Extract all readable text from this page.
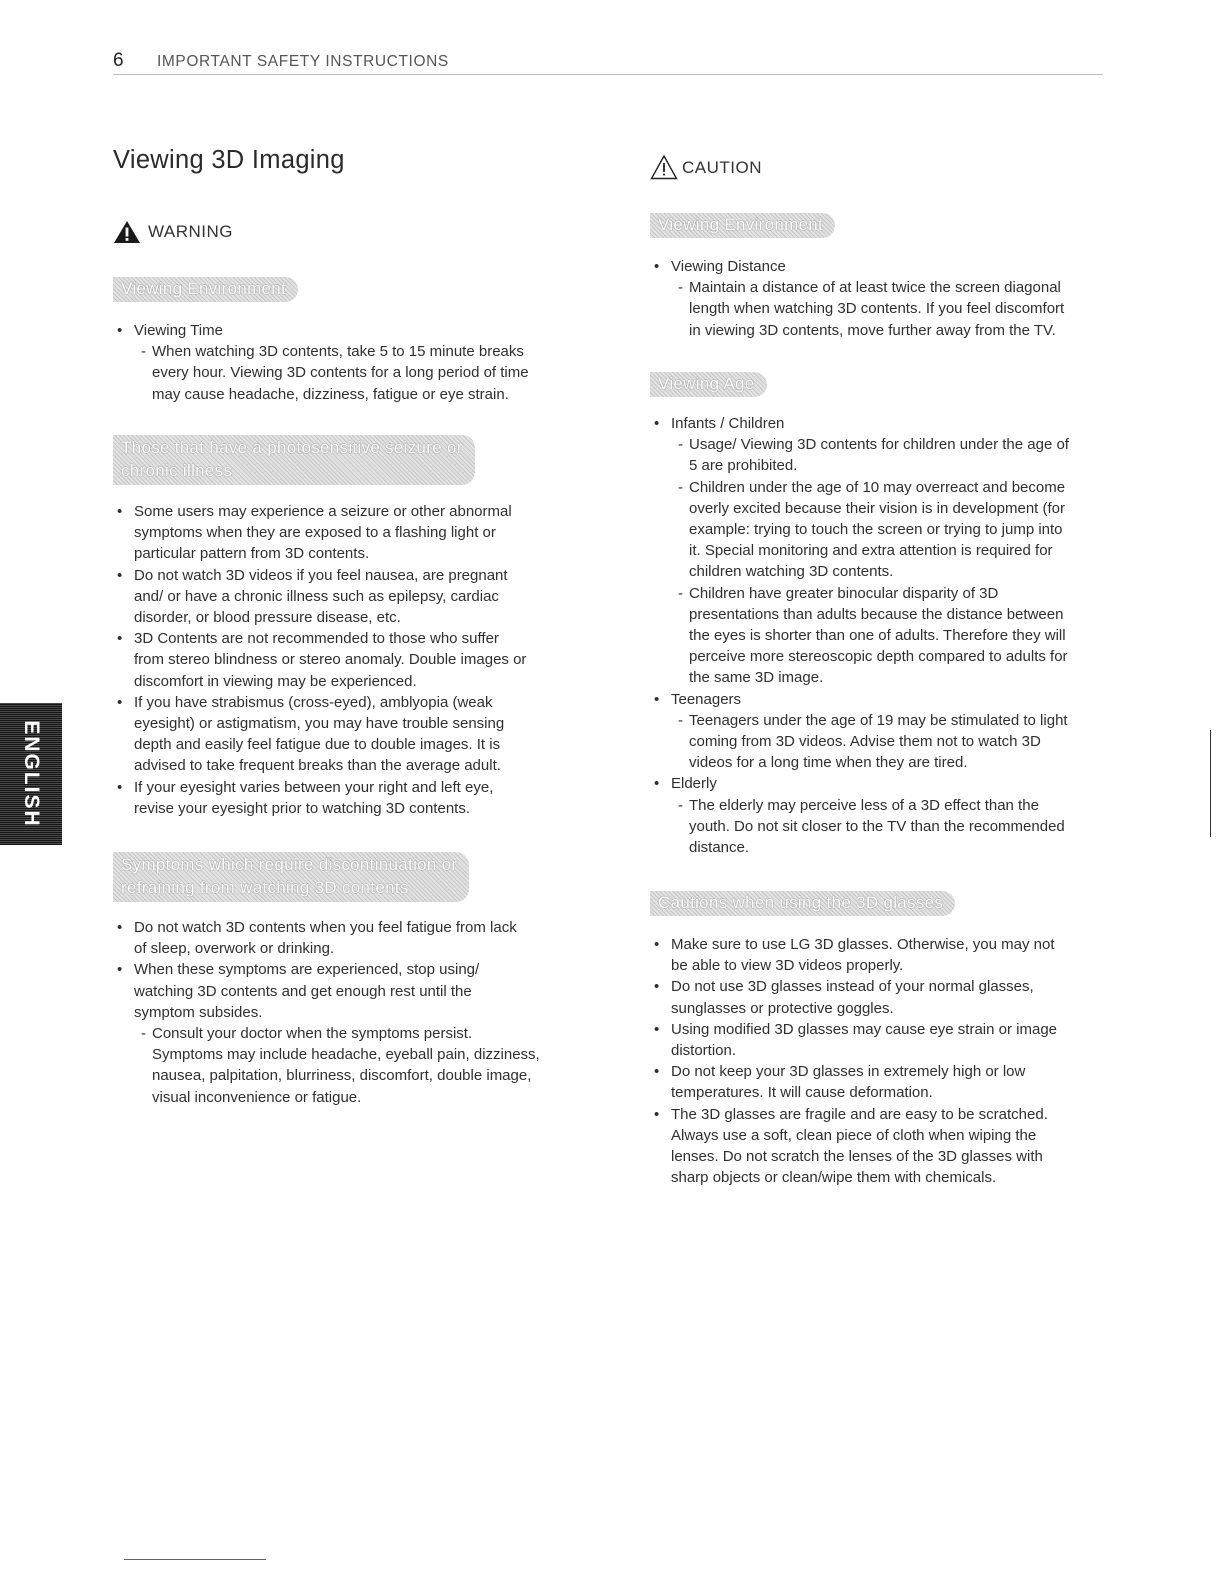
6 IMPORTANT SAFETY INSTRUCTIONS
Viewing 3D Imaging
WARNING
CAUTION
Viewing Environment
• Viewing Time
- When watching 3D contents, take 5 to 15 minute breaks
every hour. Viewing 3D contents for a long period of time
may cause headache, dizziness, fatigue or eye strain.
Those that have a photosensitive seizure or
chronic illness
• Some users may experience a seizure or other abnormal
symptoms when they are exposed to a flashing light or
particular pattern from 3D contents.
• Do not watch 3D videos if you feel nausea, are pregnant
and/ or have a chronic illness such as epilepsy, cardiac
disorder, or blood pressure disease, etc.
• 3D Contents are not recommended to those who suffer
from stereo blindness or stereo anomaly. Double images or
discomfort in viewing may be experienced.
• If you have strabismus (cross-eyed), amblyopia (weak
eyesight) or astigmatism, you may have trouble sensing
depth and easily feel fatigue due to double images. It is
advised to take frequent breaks than the average adult.
• If your eyesight varies between your right and left eye,
revise your eyesight prior to watching 3D contents.
Symptoms which require discontinuation or
refraining from watching 3D contents
• Do not watch 3D contents when you feel fatigue from lack
of sleep, overwork or drinking.
• When these symptoms are experienced, stop using/
watching 3D contents and get enough rest until the
symptom subsides.
- Consult your doctor when the symptoms persist.
Symptoms may include headache, eyeball pain, dizziness,
nausea, palpitation, blurriness, discomfort, double image,
visual inconvenience or fatigue.
Viewing Environment
• Viewing Distance
- Maintain a distance of at least twice the screen diagonal
length when watching 3D contents. If you feel discomfort
in viewing 3D contents, move further away from the TV.
Viewing Age
• Infants / Children
- Usage/ Viewing 3D contents for children under the age of
5 are prohibited.
- Children under the age of 10 may overreact and become
overly excited because their vision is in development (for
example: trying to touch the screen or trying to jump into
it. Special monitoring and extra attention is required for
children watching 3D contents.
- Children have greater binocular disparity of 3D
presentations than adults because the distance between
the eyes is shorter than one of adults. Therefore they will
perceive more stereoscopic depth compared to adults for
the same 3D image.
• Teenagers
- Teenagers under the age of 19 may be stimulated to light
coming from 3D videos. Advise them not to watch 3D
videos for a long time when they are tired.
• Elderly
- The elderly may perceive less of a 3D effect than the
youth. Do not sit closer to the TV than the recommended
distance.
Cautions when using the 3D glasses
• Make sure to use LG 3D glasses. Otherwise, you may not
be able to view 3D videos properly.
• Do not use 3D glasses instead of your normal glasses,
sunglasses or protective goggles.
• Using modified 3D glasses may cause eye strain or image
distortion.
• Do not keep your 3D glasses in extremely high or low
temperatures. It will cause deformation.
• The 3D glasses are fragile and are easy to be scratched.
Always use a soft, clean piece of cloth when wiping the
lenses. Do not scratch the lenses of the 3D glasses with
sharp objects or clean/wipe them with chemicals.
ENGLISH
